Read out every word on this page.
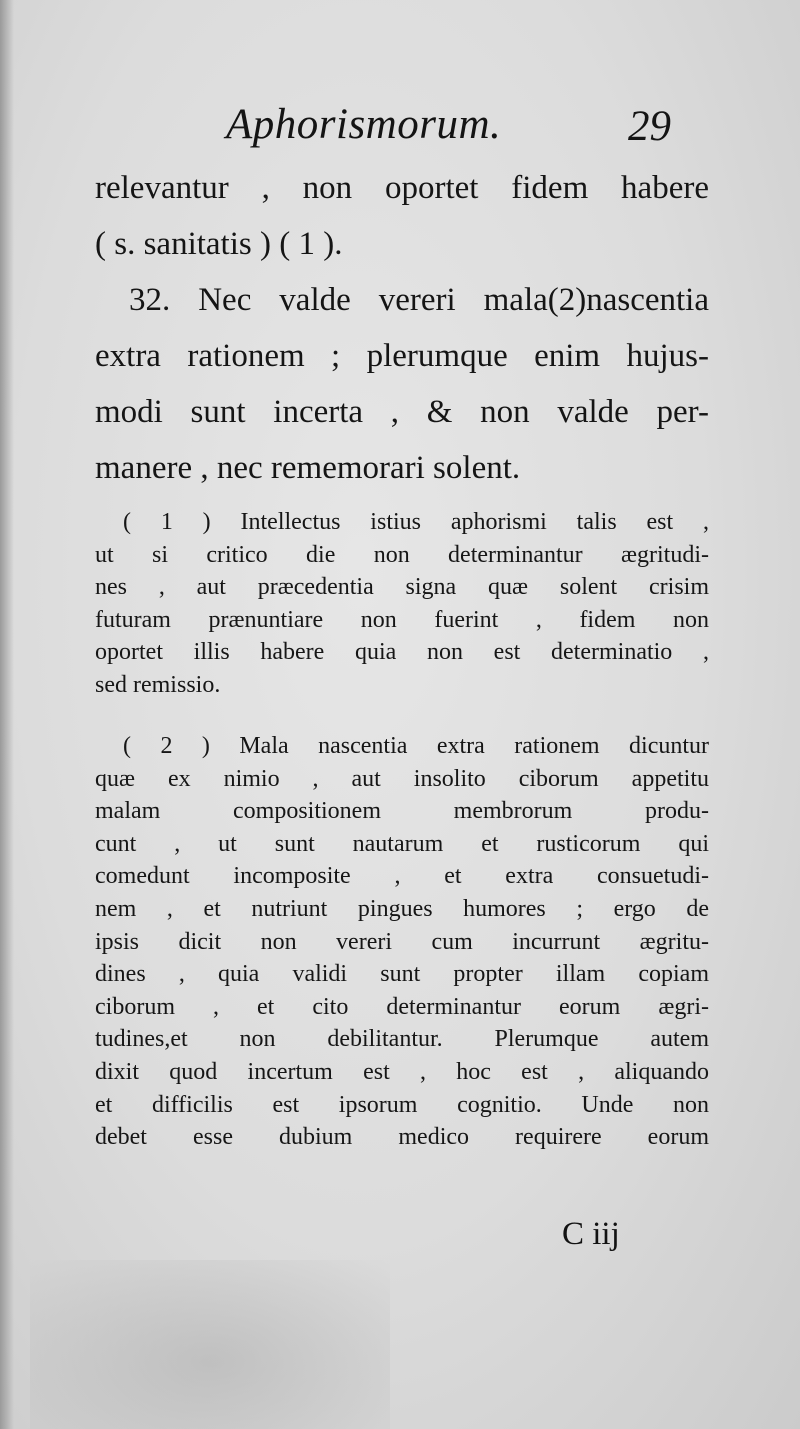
Aphorismorum.	29
relevantur , non oportet fidem habere
( s. sanitatis ) ( 1 ).
32. Nec valde vereri mala(2)nascentia
extra rationem ; plerumque enim hujus-
modi sunt incerta , & non valde per-
manere , nec rememorari solent.
( 1 ) Intellectus istius aphorismi talis est ,
ut si critico die non determinantur ægritudi-
nes , aut præcedentia signa quæ solent crisim
futuram prænuntiare non fuerint , fidem non
oportet illis habere quia non est determinatio ,
sed remissio.
( 2 ) Mala nascentia extra rationem dicuntur
quæ ex nimio , aut insolito ciborum appetitu
malam compositionem membrorum produ-
cunt , ut sunt nautarum et rusticorum qui
comedunt incomposite , et extra consuetudi-
nem , et nutriunt pingues humores ; ergo de
ipsis dicit non vereri cum incurrunt ægritu-
dines , quia validi sunt propter illam copiam
ciborum , et cito determinantur eorum ægri-
tudines,et non debilitantur. Plerumque autem
dixit quod incertum est , hoc est , aliquando
et difficilis est ipsorum cognitio. Unde non
debet esse dubium medico requirere eorum
C iij
